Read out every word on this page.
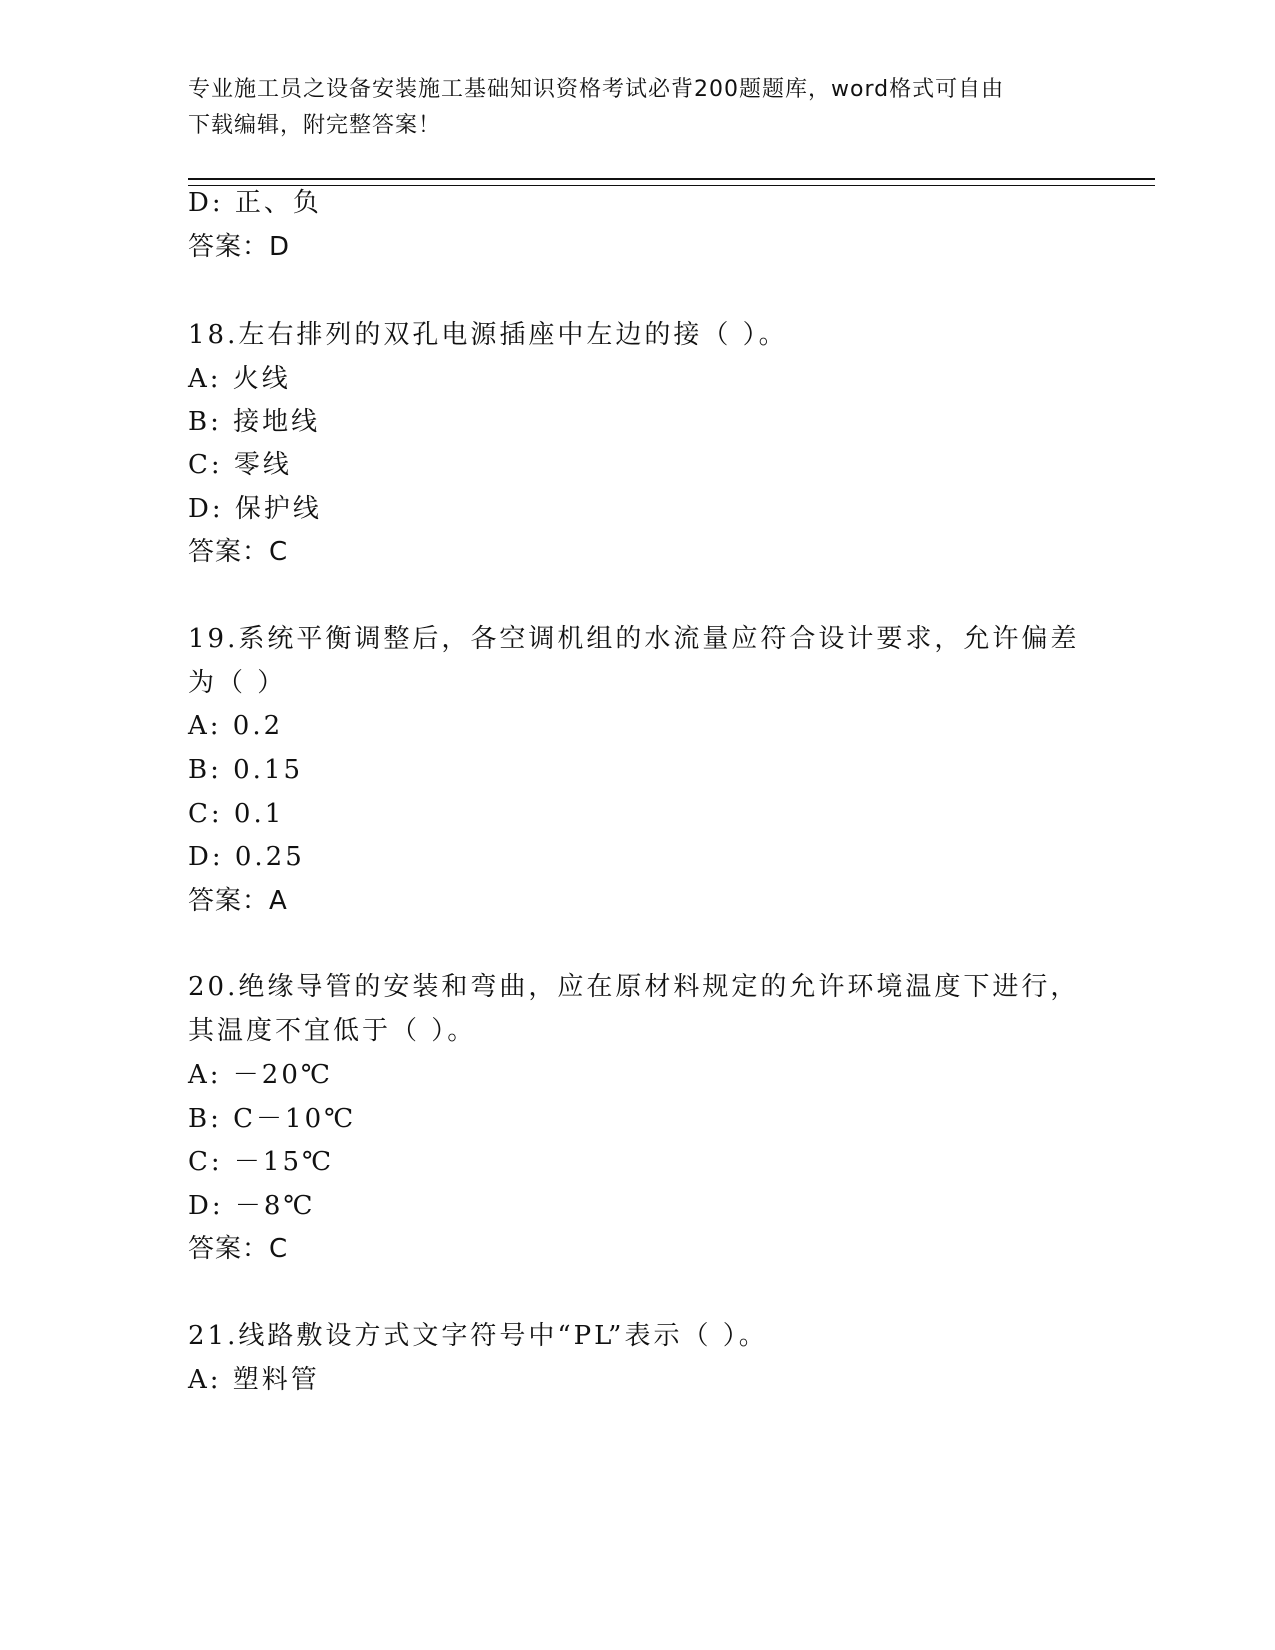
专业施工员之设备安装施工基础知识资格考试必背200题题库，word格式可自由
下载编辑，附完整答案！
D: 正、负
答案：D
18.左右排列的双孔电源插座中左边的接（ ）。
A: 火线
B: 接地线
C: 零线
D: 保护线
答案：C
19.系统平衡调整后，各空调机组的水流量应符合设计要求，允许偏差
为（ ）
A: 0.2
B: 0.15
C: 0.1
D: 0.25
答案：A
20.绝缘导管的安装和弯曲，应在原材料规定的允许环境温度下进行，
其温度不宜低于（ ）。
A: －20℃
B: C－10℃
C: －15℃
D: －8℃
答案：C
21.线路敷设方式文字符号中“PL”表示（ ）。
A: 塑料管
